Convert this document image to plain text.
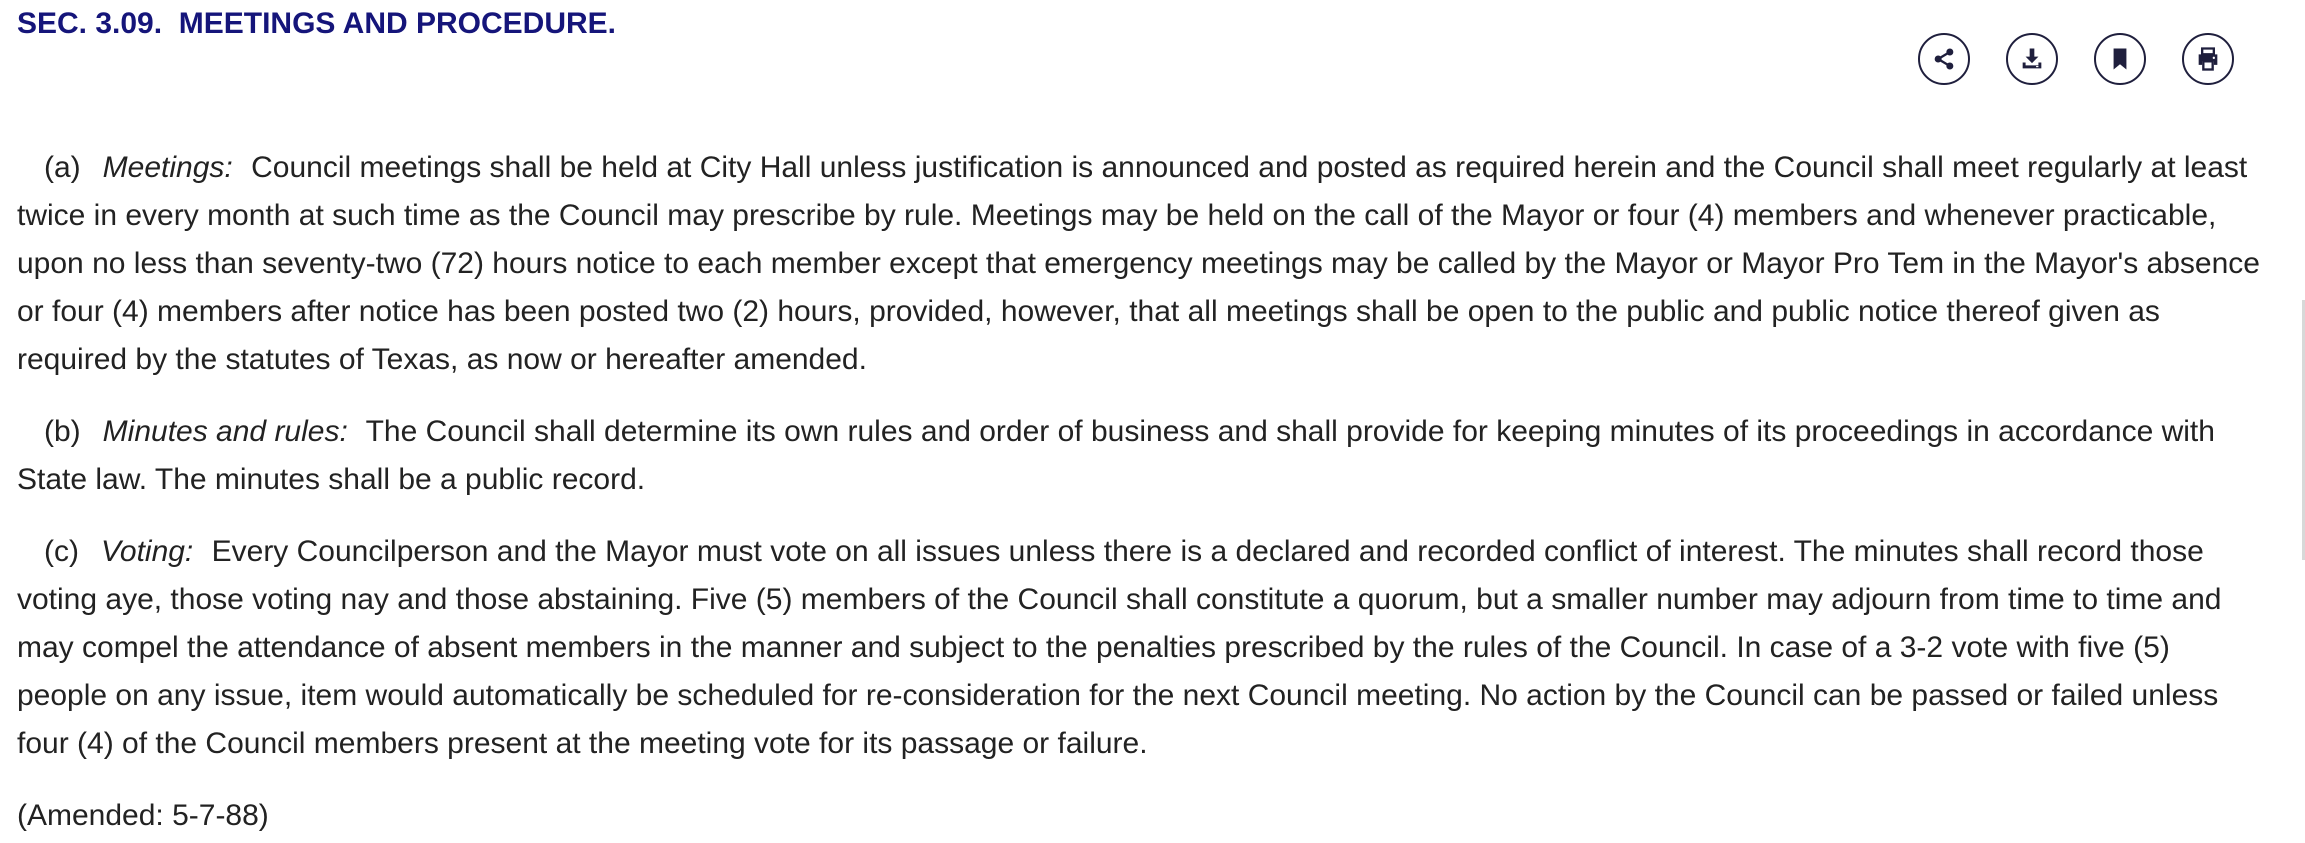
SEC. 3.09.  MEETINGS AND PROCEDURE.

(a) Meetings: Council meetings shall be held at City Hall unless justification is announced and posted as required herein and the Council shall meet regularly at least twice in every month at such time as the Council may prescribe by rule. Meetings may be held on the call of the Mayor or four (4) members and whenever practicable, upon no less than seventy-two (72) hours notice to each member except that emergency meetings may be called by the Mayor or Mayor Pro Tem in the Mayor's absence or four (4) members after notice has been posted two (2) hours, provided, however, that all meetings shall be open to the public and public notice thereof given as required by the statutes of Texas, as now or hereafter amended.

(b) Minutes and rules: The Council shall determine its own rules and order of business and shall provide for keeping minutes of its proceedings in accordance with State law. The minutes shall be a public record.

(c) Voting: Every Councilperson and the Mayor must vote on all issues unless there is a declared and recorded conflict of interest. The minutes shall record those voting aye, those voting nay and those abstaining. Five (5) members of the Council shall constitute a quorum, but a smaller number may adjourn from time to time and may compel the attendance of absent members in the manner and subject to the penalties prescribed by the rules of the Council. In case of a 3-2 vote with five (5) people on any issue, item would automatically be scheduled for re-consideration for the next Council meeting. No action by the Council can be passed or failed unless four (4) of the Council members present at the meeting vote for its passage or failure.

(Amended: 5-7-88)
